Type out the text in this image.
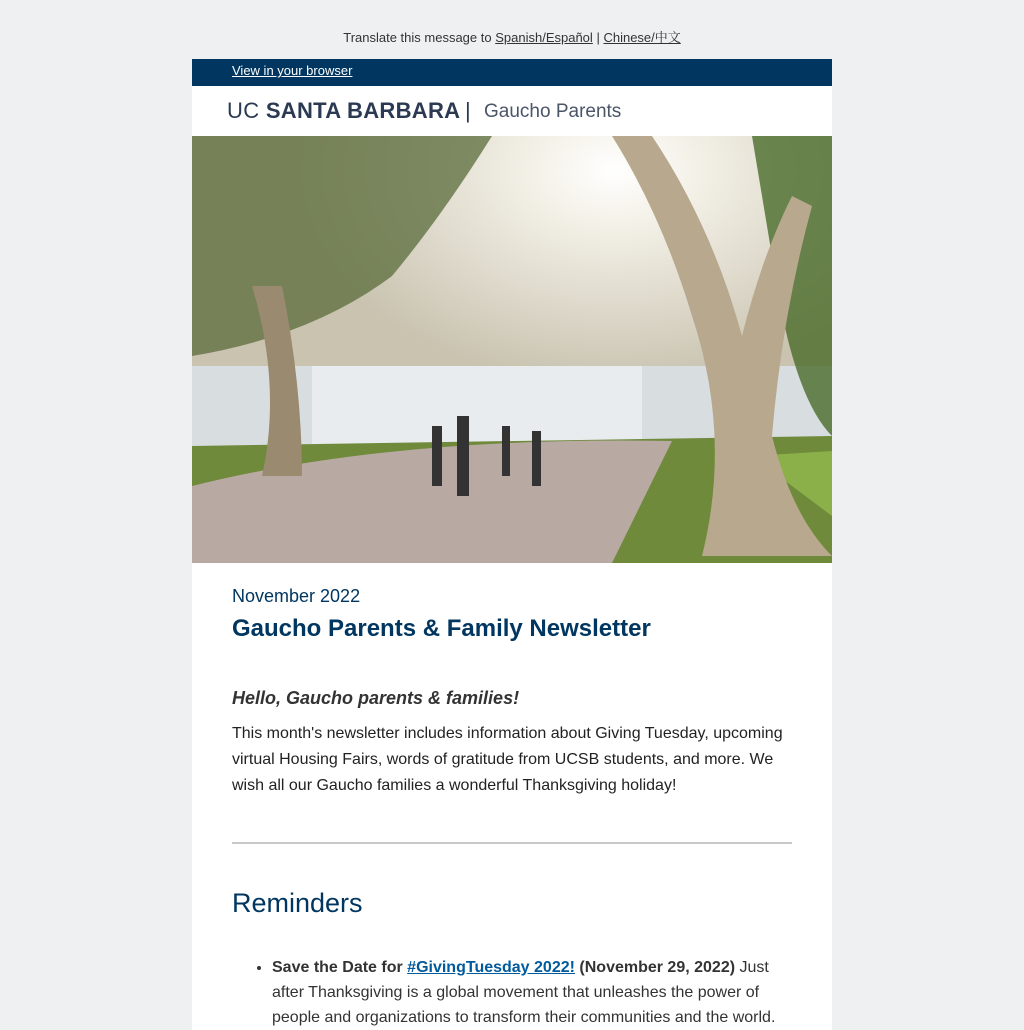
Translate this message to Spanish/Español | Chinese/中文
View in your browser
UC SANTA BARBARA | Gaucho Parents
November 2022
Gaucho Parents & Family Newsletter
Hello, Gaucho parents & families!
This month's newsletter includes information about Giving Tuesday, upcoming virtual Housing Fairs, words of gratitude from UCSB students, and more. We wish all our Gaucho families a wonderful Thanksgiving holiday!
Reminders
• Save the Date for #GivingTuesday 2022! (November 29, 2022) Just after Thanksgiving is a global movement that unleashes the power of people and organizations to transform their communities and the world.
